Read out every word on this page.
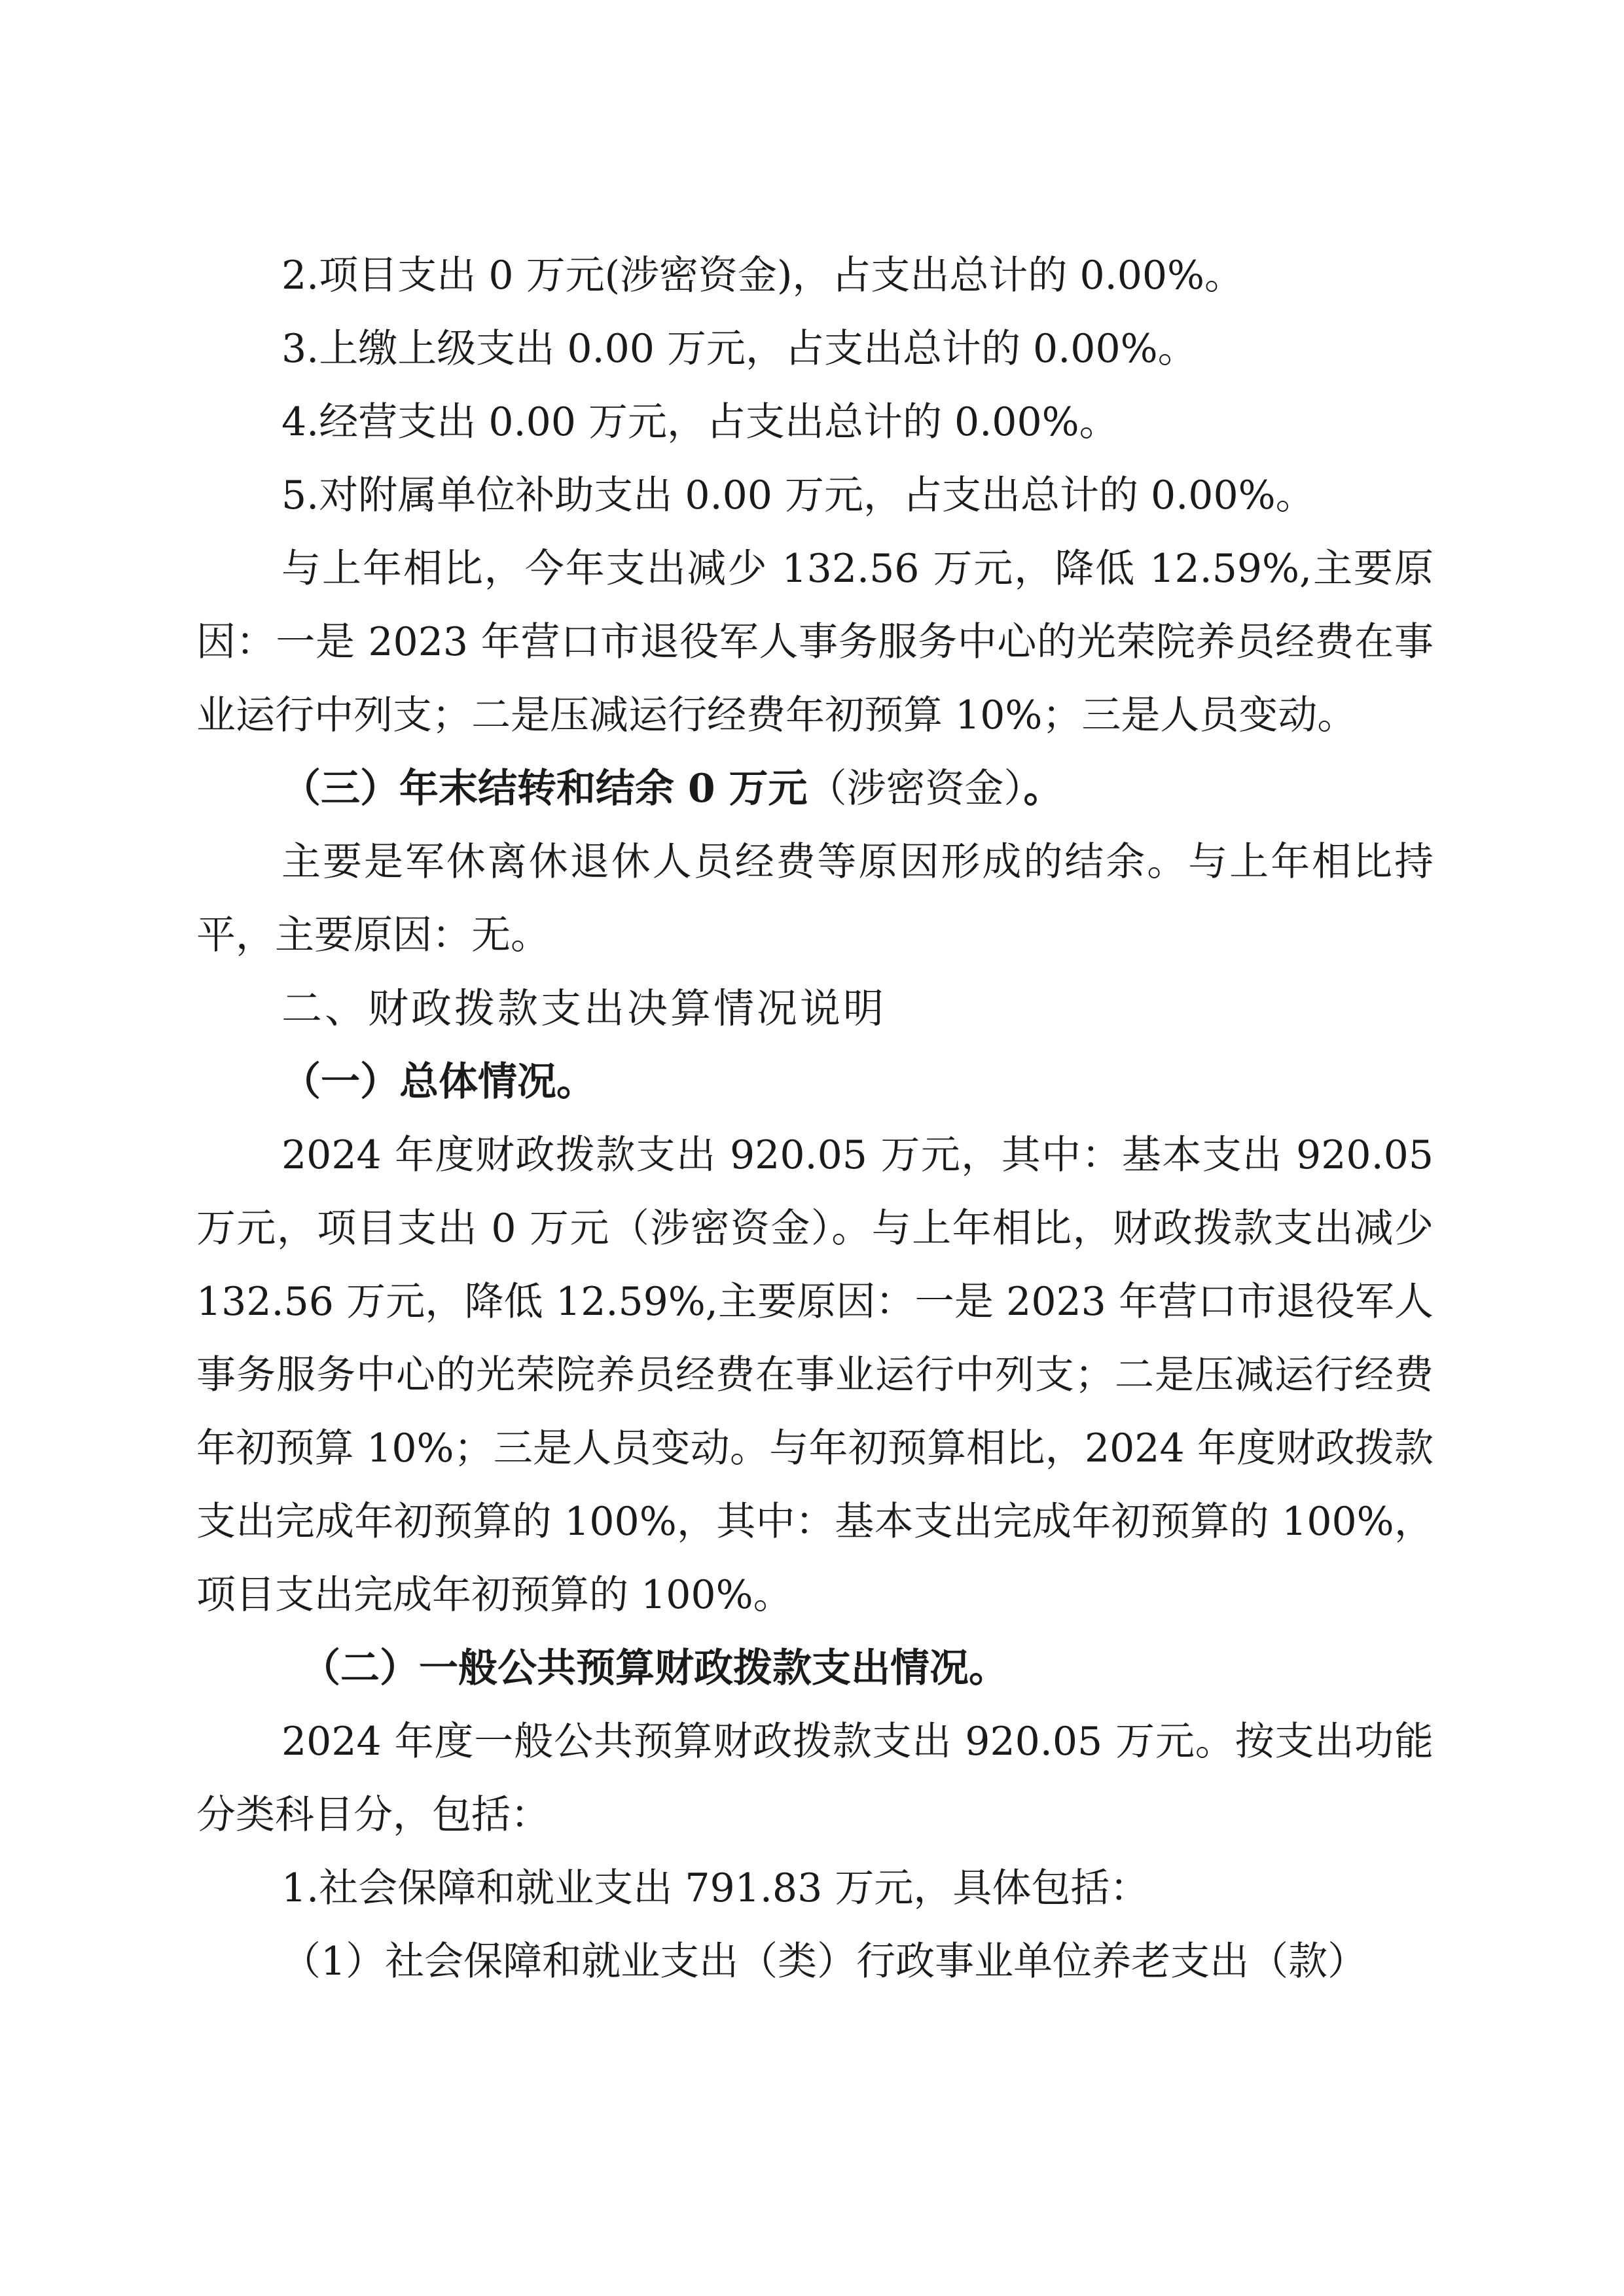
2.项目支出 0 万元(涉密资金)，占支出总计的 0.00%。

3.上缴上级支出 0.00 万元，占支出总计的 0.00%。

4.经营支出 0.00 万元，占支出总计的 0.00%。

5.对附属单位补助支出 0.00 万元，占支出总计的 0.00%。

与上年相比，今年支出减少 132.56 万元，降低 12.59%,主要原因：一是 2023 年营口市退役军人事务服务中心的光荣院养员经费在事业运行中列支；二是压减运行经费年初预算 10%；三是人员变动。

（三）年末结转和结余 0 万元（涉密资金）。

主要是军休离休退休人员经费等原因形成的结余。与上年相比持平，主要原因：无。

二、财政拨款支出决算情况说明

（一）总体情况。

2024 年度财政拨款支出 920.05 万元，其中：基本支出 920.05 万元，项目支出 0 万元（涉密资金）。与上年相比，财政拨款支出减少 132.56 万元，降低 12.59%,主要原因：一是 2023 年营口市退役军人事务服务中心的光荣院养员经费在事业运行中列支；二是压减运行经费年初预算 10%；三是人员变动。与年初预算相比，2024 年度财政拨款支出完成年初预算的 100%，其中：基本支出完成年初预算的 100%，项目支出完成年初预算的 100%。

（二）一般公共预算财政拨款支出情况。

2024 年度一般公共预算财政拨款支出 920.05 万元。按支出功能分类科目分，包括：

1.社会保障和就业支出 791.83 万元，具体包括：

（1）社会保障和就业支出（类）行政事业单位养老支出（款）
